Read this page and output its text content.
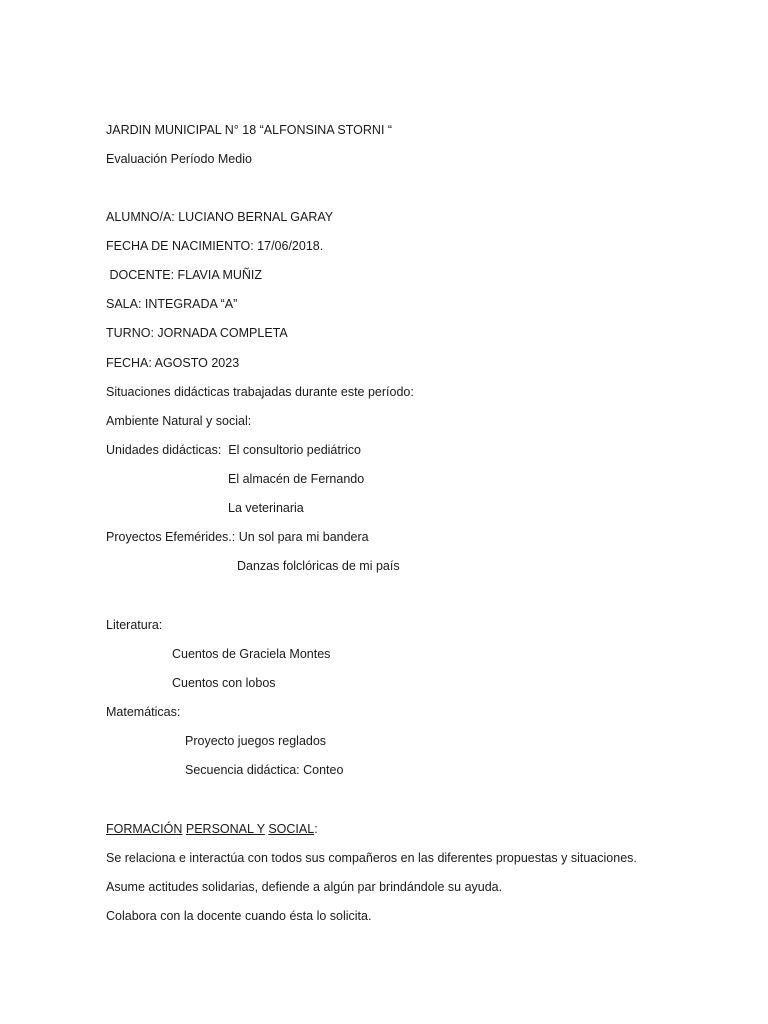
JARDIN MUNICIPAL N° 18 “ALFONSINA STORNI “
Evaluación Período Medio
ALUMNO/A: LUCIANO BERNAL GARAY
FECHA DE NACIMIENTO: 17/06/2018.
DOCENTE: FLAVIA MUÑIZ
SALA: INTEGRADA “A”
TURNO: JORNADA COMPLETA
FECHA: AGOSTO 2023
Situaciones didácticas trabajadas durante este período:
Ambiente Natural y social:
Unidades didácticas:  El consultorio pediátrico
El almacén de Fernando
La veterinaria
Proyectos Efemérides.: Un sol para mi bandera
Danzas folclóricas de mi país
Literatura:
Cuentos de Graciela Montes
Cuentos con lobos
Matemáticas:
Proyecto juegos reglados
Secuencia didáctica: Conteo
FORMACIÓN PERSONAL Y SOCIAL:
Se relaciona e interactúa con todos sus compañeros en las diferentes propuestas y situaciones.
Asume actitudes solidarias, defiende a algún par brindándole su ayuda.
Colabora con la docente cuando ésta lo solicita.
